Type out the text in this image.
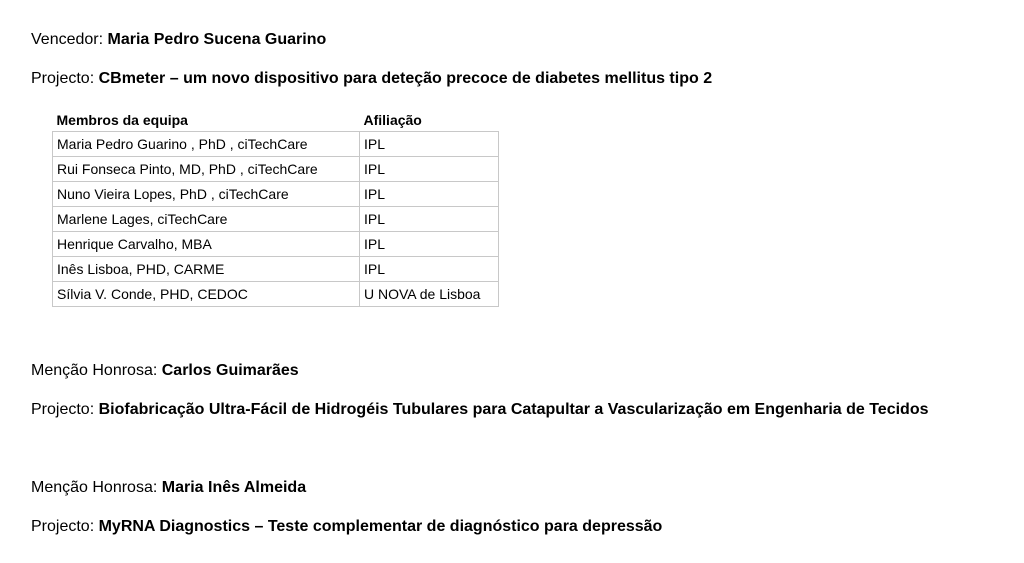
Vencedor: Maria Pedro Sucena Guarino
Projecto: CBmeter – um novo dispositivo para deteção precoce de diabetes mellitus tipo 2
Membros da equipa	Afiliação
Maria Pedro Guarino , PhD , ciTechCare	IPL
Rui Fonseca Pinto, MD, PhD , ciTechCare	IPL
Nuno Vieira Lopes, PhD , ciTechCare	IPL
Marlene Lages, ciTechCare	IPL
Henrique Carvalho, MBA	IPL
Inês Lisboa, PHD, CARME	IPL
Sílvia V. Conde, PHD, CEDOC	U NOVA de Lisboa
Menção Honrosa: Carlos Guimarães
Projecto: Biofabricação Ultra-Fácil de Hidrogéis Tubulares para Catapultar a Vascularização em Engenharia de Tecidos
Menção Honrosa: Maria Inês Almeida
Projecto: MyRNA Diagnostics – Teste complementar de diagnóstico para depressão
